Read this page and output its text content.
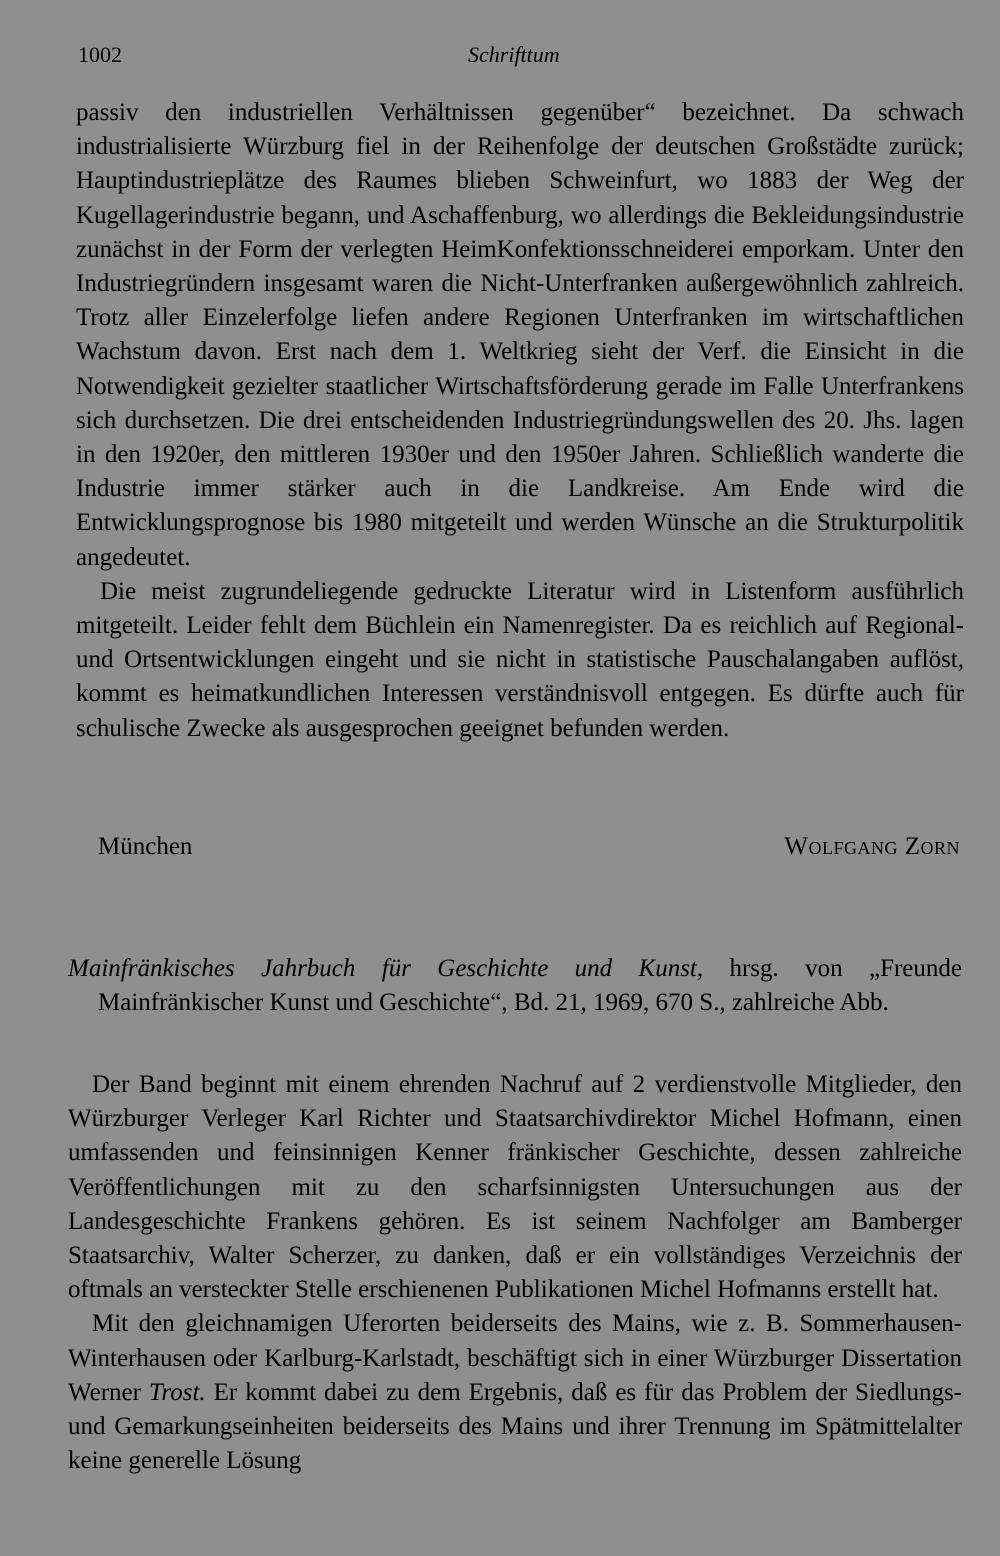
1002	Schrifttum

passiv den industriellen Verhältnissen gegenüber“ bezeichnet. Da schwach industrialisierte Würzburg fiel in der Reihenfolge der deutschen Großstädte zurück; Hauptindustrieplätze des Raumes blieben Schweinfurt, wo 1883 der Weg der Kugellagerindustrie begann, und Aschaffenburg, wo allerdings die Bekleidungsindustrie zunächst in der Form der verlegten HeimKonfektionsschneiderei emporkam. Unter den Industriegründern insgesamt waren die Nicht-Unterfranken außergewöhnlich zahlreich. Trotz aller Einzelerfolge liefen andere Regionen Unterfranken im wirtschaftlichen Wachstum davon. Erst nach dem 1. Weltkrieg sieht der Verf. die Einsicht in die Notwendigkeit gezielter staatlicher Wirtschaftsförderung gerade im Falle Unterfrankens sich durchsetzen. Die drei entscheidenden Industriegründungswellen des 20. Jhs. lagen in den 1920er, den mittleren 1930er und den 1950er Jahren. Schließlich wanderte die Industrie immer stärker auch in die Landkreise. Am Ende wird die Entwicklungsprognose bis 1980 mitgeteilt und werden Wünsche an die Strukturpolitik angedeutet.

Die meist zugrundeliegende gedruckte Literatur wird in Listenform ausführlich mitgeteilt. Leider fehlt dem Büchlein ein Namenregister. Da es reichlich auf Regional- und Ortsentwicklungen eingeht und sie nicht in statistische Pauschalangaben auflöst, kommt es heimatkundlichen Interessen verständnisvoll entgegen. Es dürfte auch für schulische Zwecke als ausgesprochen geeignet befunden werden.

München	Wolfgang Zorn
Mainfränkisches Jahrbuch für Geschichte und Kunst, hrsg. von „Freunde Mainfränkischer Kunst und Geschichte“, Bd. 21, 1969, 670 S., zahlreiche Abb.

Der Band beginnt mit einem ehrenden Nachruf auf 2 verdienstvolle Mitglieder, den Würzburger Verleger Karl Richter und Staatsarchivdirektor Michel Hofmann, einen umfassenden und feinsinnigen Kenner fränkischer Geschichte, dessen zahlreiche Veröffentlichungen mit zu den scharfsinnigsten Untersuchungen aus der Landesgeschichte Frankens gehören. Es ist seinem Nachfolger am Bamberger Staatsarchiv, Walter Scherzer, zu danken, daß er ein vollständiges Verzeichnis der oftmals an versteckter Stelle erschienenen Publikationen Michel Hofmanns erstellt hat.

Mit den gleichnamigen Uferorten beiderseits des Mains, wie z. B. Sommerhausen-Winterhausen oder Karlburg-Karlstadt, beschäftigt sich in einer Würzburger Dissertation Werner Trost. Er kommt dabei zu dem Ergebnis, daß es für das Problem der Siedlungs- und Gemarkungseinheiten beiderseits des Mains und ihrer Trennung im Spätmittelalter keine generelle Lösung
